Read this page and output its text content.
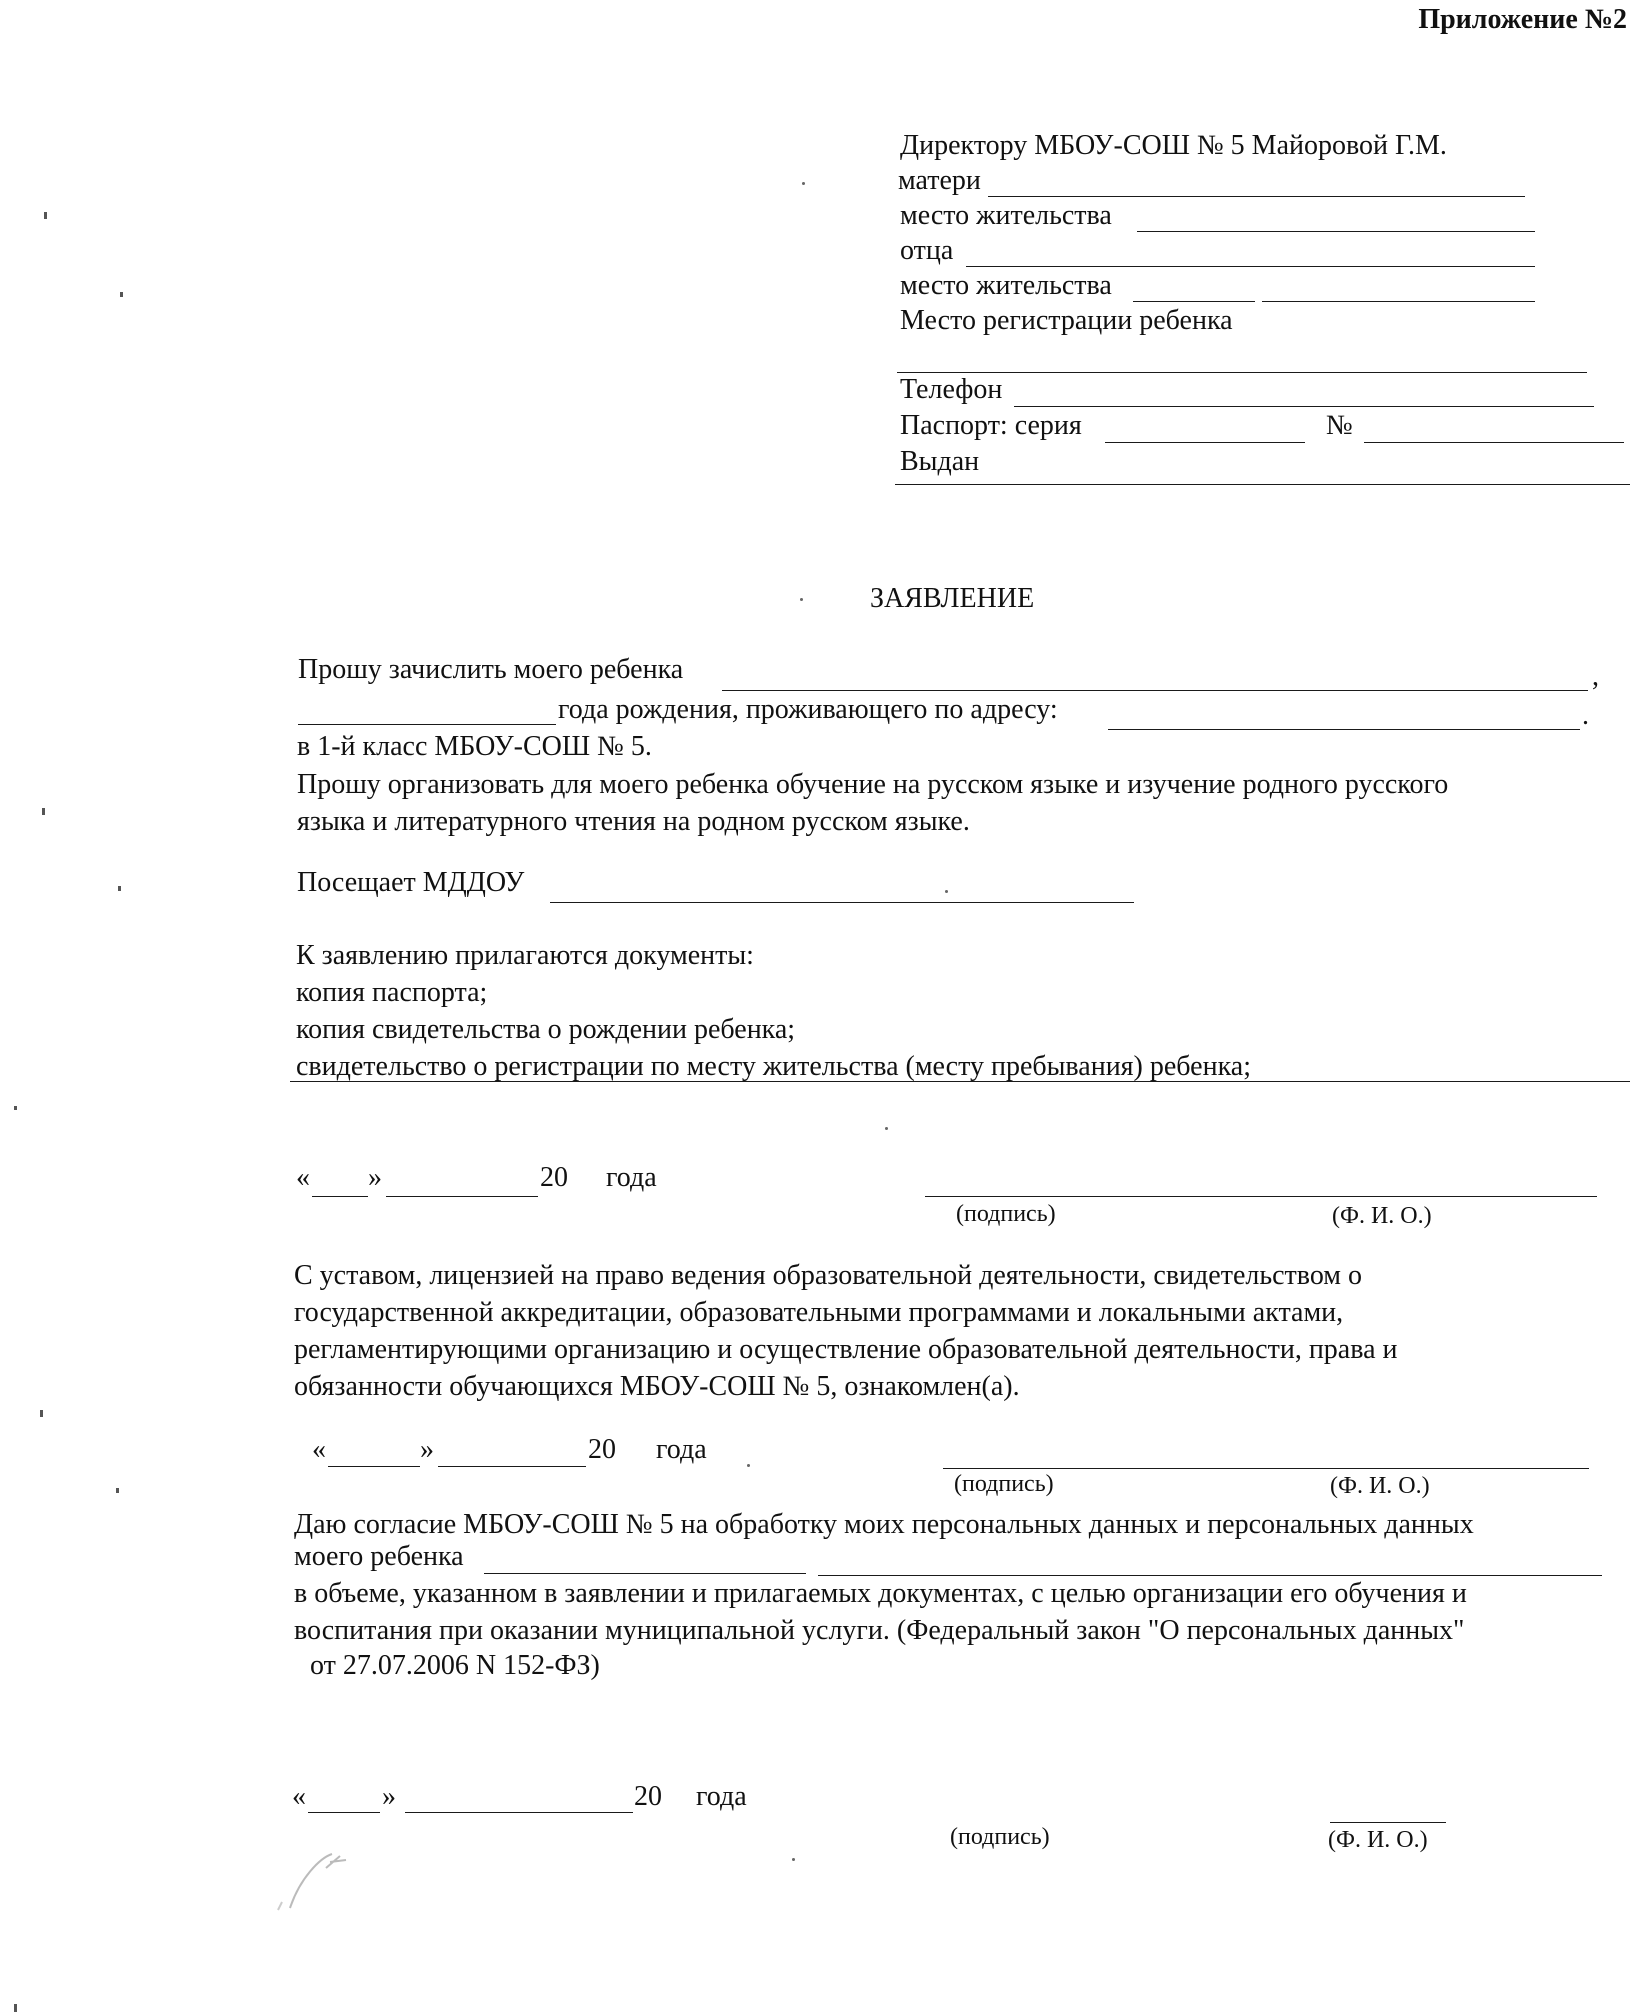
Приложение №2
Директору МБОУ-СОШ № 5 Майоровой Г.М.
матери
место жительства
отца
место жительства
Место регистрации ребенка
Телефон
Паспорт: серия	№
Выдан
ЗАЯВЛЕНИЕ
Прошу зачислить моего ребенка	,
года рождения, проживающего по адресу:	.
в 1-й класс МБОУ-СОШ № 5.
Прошу организовать для моего ребенка обучение на русском языке и изучение родного русского
языка и литературного чтения на родном русском языке.
Посещает МДДОУ
К заявлению прилагаются документы:
копия паспорта;
копия свидетельства о рождении ребенка;
свидетельство о регистрации по месту жительства (месту пребывания) ребенка;
« »	20 года
(подпись)	(Ф. И. О.)
С уставом, лицензией на право ведения образовательной деятельности, свидетельством о
государственной аккредитации, образовательными программами и локальными актами,
регламентирующими организацию и осуществление образовательной деятельности, права и
обязанности обучающихся МБОУ-СОШ № 5, ознакомлен(а).
«	»	20 года
(подпись)	(Ф. И. О.)
Даю согласие МБОУ-СОШ № 5 на обработку моих персональных данных и персональных данных
моего ребенка
в объеме, указанном в заявлении и прилагаемых документах, с целью организации его обучения и
воспитания при оказании муниципальной услуги. (Федеральный закон "О персональных данных"
от 27.07.2006 N 152-ФЗ)
«	»	20 года
(подпись)	(Ф. И. О.)
